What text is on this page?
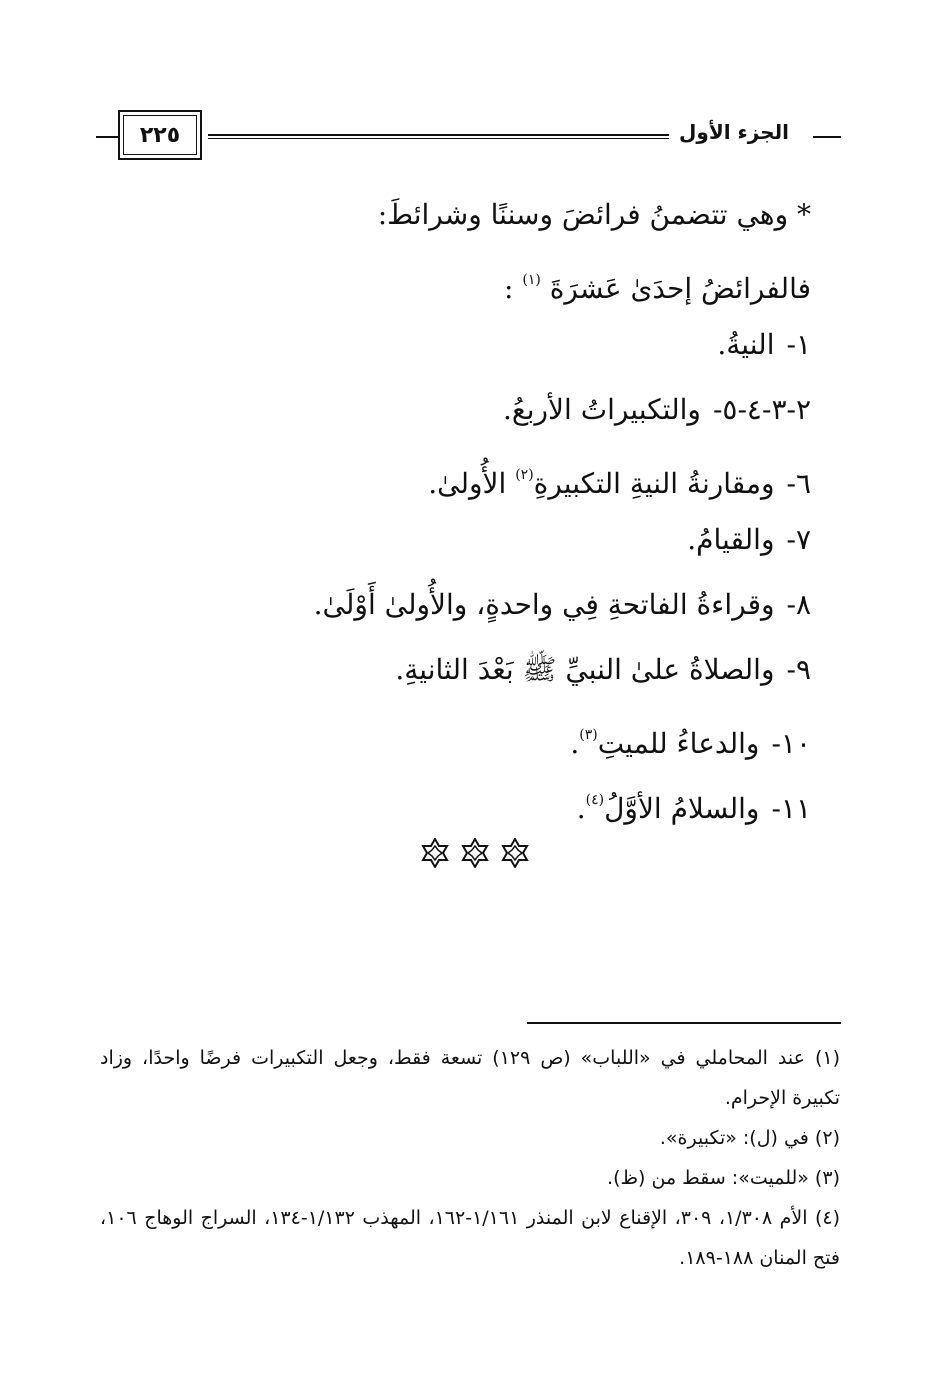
الجزء الأول
٢٢٥
* وهي تتضمنُ فرائضَ وسننًا وشرائطَ:
فالفرائضُ إحدَىٰ عَشرَةَ $^{(١)}$ :
١-النيةُ.
٢-٣-٤-٥-والتكبيراتُ الأربعُ.
٦-ومقارنةُ النيةِ التكبيرةِ$^{(٢)}$ الأُولىٰ.
٧-والقيامُ.
٨-وقراءةُ الفاتحةِ فِي واحدةٍ، والأُولىٰ أَوْلَىٰ.
٩-والصلاةُ علىٰ النبيِّ ﷺ بَعْدَ الثانيةِ.
١٠-والدعاءُ للميتِ$^{(٣)}$.
١١-والسلامُ الأوَّلُ$^{(٤)}$.

(١) عند المحاملي في «اللباب» (ص ١٢٩) تسعة فقط، وجعل التكبيرات فرضًا واحدًا، وزاد تكبيرة الإحرام.

(٢) في (ل): «تكبيرة».

(٣) «للميت»: سقط من (ظ).

(٤) الأم ١/٣٠٨، ٣٠٩، الإقناع لابن المنذر ١/١٦١-١٦٢، المهذب ١/١٣٢-١٣٤، السراج الوهاج ١٠٦، فتح المنان ١٨٨-١٨٩.
